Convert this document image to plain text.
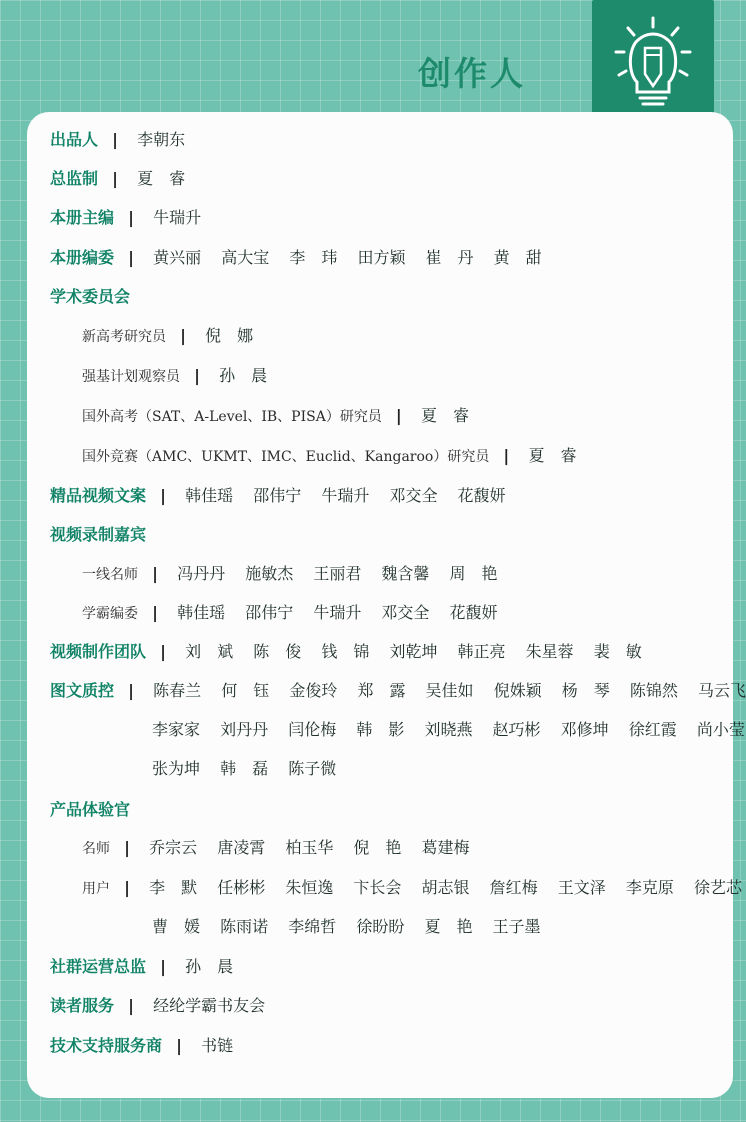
创作人
出品人 | 李朝东
总监制 | 夏　睿
本册主编 | 牛瑞升
本册编委 | 黄兴丽 高大宝 李　玮 田方颖 崔　丹 黄　甜
学术委员会
新高考研究员 | 倪　娜
强基计划观察员 | 孙　晨
国外高考（SAT、A-Level、IB、PISA）研究员 | 夏　睿
国外竞赛（AMC、UKMT、IMC、Euclid、Kangaroo）研究员 | 夏　睿
精品视频文案 | 韩佳瑶 邵伟宁 牛瑞升 邓交全 花馥妍
视频录制嘉宾
一线名师 | 冯丹丹 施敏杰 王丽君 魏含馨 周　艳
学霸编委 | 韩佳瑶 邵伟宁 牛瑞升 邓交全 花馥妍
视频制作团队 | 刘　斌 陈　俊 钱　锦 刘乾坤 韩正亮 朱星蓉 裴　敏
图文质控 | 陈春兰 何　钰 金俊玲 郑　露 吴佳如 倪姝颖 杨　琴 陈锦然 马云飞
李家家 刘丹丹 闫伦梅 韩　影 刘晓燕 赵巧彬 邓修坤 徐红霞 尚小莹
张为坤 韩　磊 陈子微
产品体验官
名师 | 乔宗云 唐凌霄 柏玉华 倪　艳 葛建梅
用户 | 李　默 任彬彬 朱恒逸 卞长会 胡志银 詹红梅 王文泽 李克原 徐艺芯
曹　媛 陈雨诺 李绵哲 徐盼盼 夏　艳 王子墨
社群运营总监 | 孙　晨
读者服务 | 经纶学霸书友会
技术支持服务商 | 书链
